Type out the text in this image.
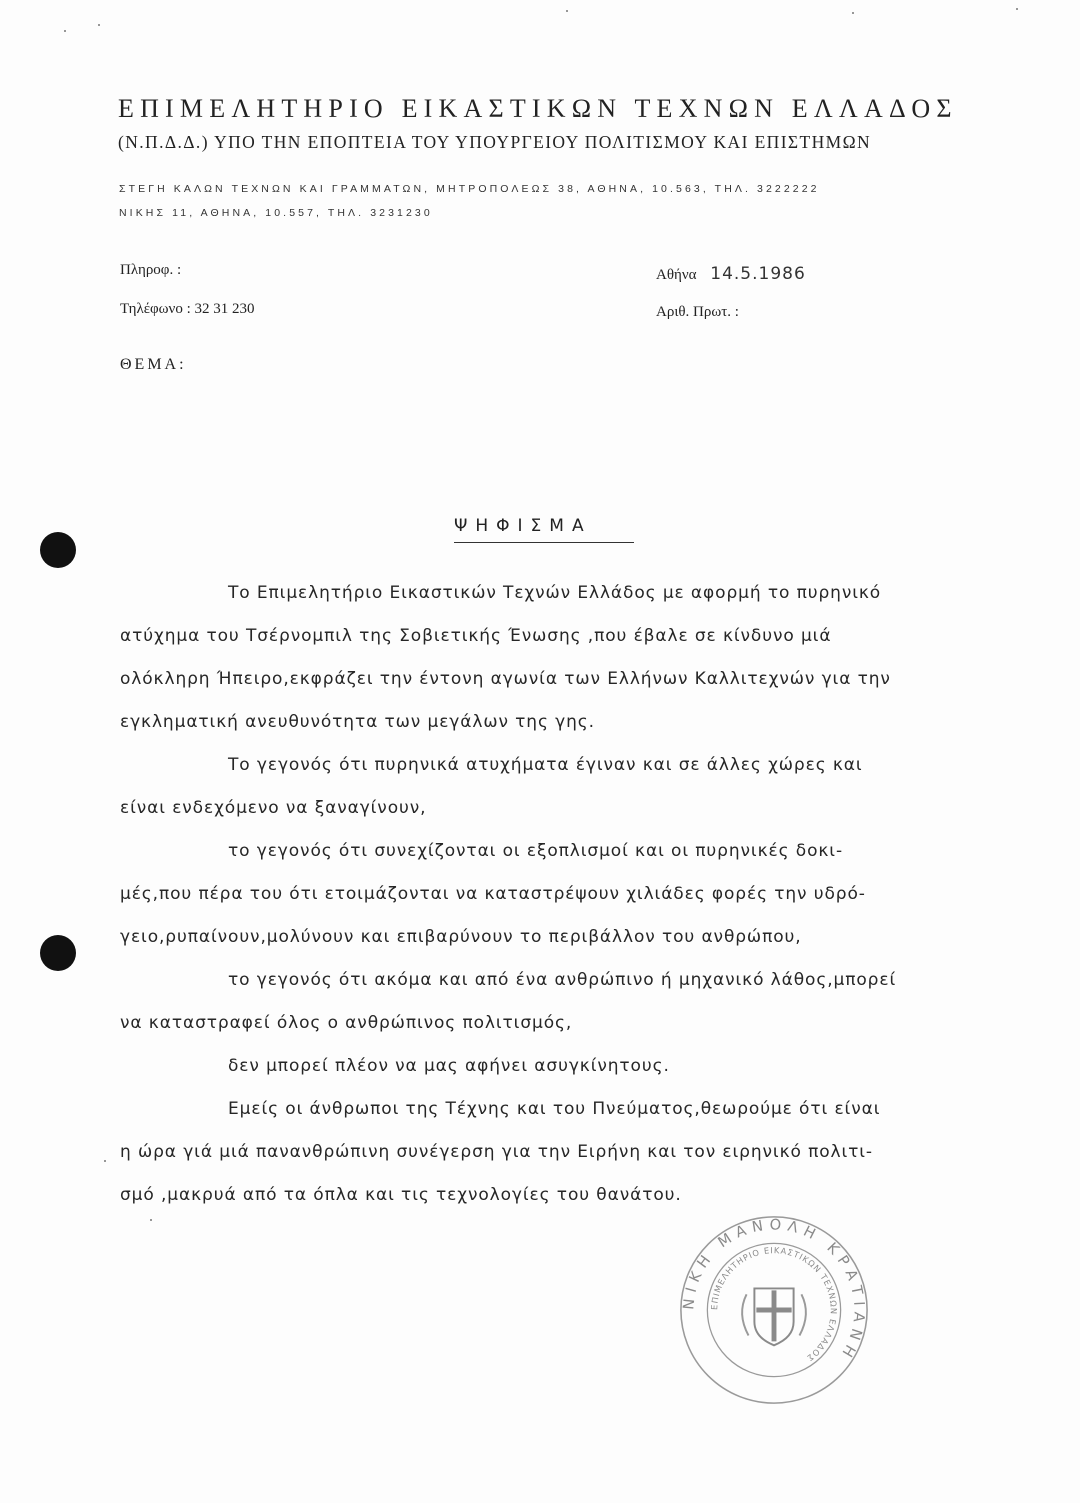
ΕΠΙΜΕΛΗΤΗΡΙΟ ΕΙΚΑΣΤΙΚΩΝ ΤΕΧΝΩΝ ΕΛΛΑΔΟΣ
(Ν.Π.Δ.Δ.) ΥΠΟ ΤΗΝ ΕΠΟΠΤΕΙΑ ΤΟΥ ΥΠΟΥΡΓΕΙΟΥ ΠΟΛΙΤΙΣΜΟΥ ΚΑΙ ΕΠΙΣΤΗΜΩΝ
ΣΤΕΓΗ ΚΑΛΩΝ ΤΕΧΝΩΝ ΚΑΙ ΓΡΑΜΜΑΤΩΝ, ΜΗΤΡΟΠΟΛΕΩΣ 38, ΑΘΗΝΑ, 10.563, ΤΗΛ. 3222222
ΝΙΚΗΣ 11, ΑΘΗΝΑ, 10.557, ΤΗΛ. 3231230
Πληροφ. :
Τηλέφωνο : 32 31 230
Αθήνα 14.5.1986
Αριθ. Πρωτ. :
ΘΕΜΑ:
ΨΗΦΙΣΜΑ
Το Επιμελητήριο Εικαστικών Τεχνών Ελλάδος με αφορμή το πυρηνικό
ατύχημα του Τσέρνομπιλ της Σοβιετικής Ένωσης ,που έβαλε σε κίνδυνο μιά
ολόκληρη Ήπειρο,εκφράζει την έντονη αγωνία των Ελλήνων Καλλιτεχνών για την
εγκληματική ανευθυνότητα των μεγάλων της γης.
Το γεγονός ότι πυρηνικά ατυχήματα έγιναν και σε άλλες χώρες και
είναι ενδεχόμενο να ξαναγίνουν,
το γεγονός ότι συνεχίζονται οι εξοπλισμοί και οι πυρηνικές δοκι-
μές,που πέρα του ότι ετοιμάζονται να καταστρέψουν χιλιάδες φορές την υδρό-
γειο,ρυπαίνουν,μολύνουν και επιβαρύνουν το περιβάλλον του ανθρώπου,
το γεγονός ότι ακόμα και από ένα ανθρώπινο ή μηχανικό λάθος,μπορεί
να καταστραφεί όλος ο ανθρώπινος πολιτισμός,
δεν μπορεί πλέον να μας αφήνει ασυγκίνητους.
Εμείς οι άνθρωποι της Τέχνης και του Πνεύματος,θεωρούμε ότι είναι
η ώρα γιά μιά πανανθρώπινη συνέγερση για την Ειρήνη και τον ειρηνικό πολιτι-
σμό ,μακρυά από τα όπλα και τις τεχνολογίες του θανάτου.
ΝΙΚΗ ΜΑΝΟΛΗ ΚΡΑΤΙΑΝΗ
ΕΠΙΜΕΛΗΤΗΡΙΟ ΕΙΚΑΣΤΙΚΩΝ ΤΕΧΝΩΝ ΕΛΛΑΔΟΣ
